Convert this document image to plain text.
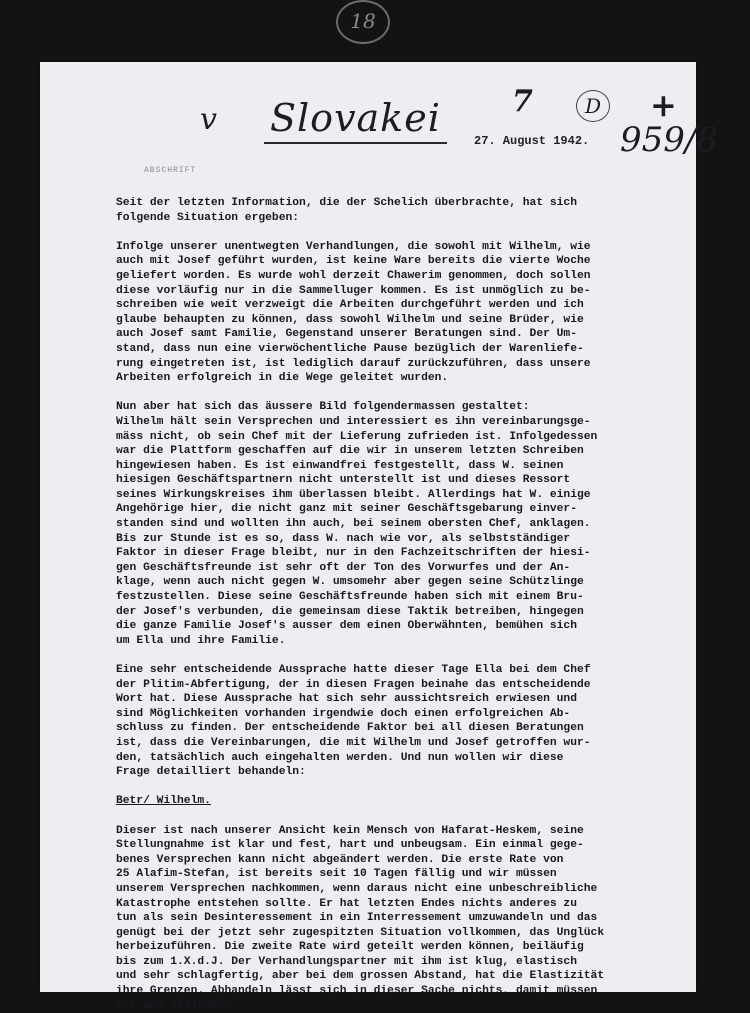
18
v Slovakei 7	D +
27. August 1942. 959/8
ABSCHRIFT
Seit der letzten Information, die der Schelich überbrachte, hat sich
folgende Situation ergeben:
Infolge unserer unentwegten Verhandlungen, die sowohl mit Wilhelm, wie
auch mit Josef geführt wurden, ist keine Ware bereits die vierte Woche
geliefert worden. Es wurde wohl derzeit Chawerim genommen, doch sollen
diese vorläufig nur in die Sammelluger kommen. Es ist unmöglich zu be-
schreiben wie weit verzweigt die Arbeiten durchgeführt werden und ich
glaube behaupten zu können, dass sowohl Wilhelm und seine Brüder, wie
auch Josef samt Familie, Gegenstand unserer Beratungen sind. Der Um-
stand, dass nun eine vierwöchentliche Pause bezüglich der Warenliefe-
rung eingetreten ist, ist lediglich darauf zurückzuführen, dass unsere
Arbeiten erfolgreich in die Wege geleitet wurden.
Nun aber hat sich das äussere Bild folgendermassen gestaltet:
Wilhelm hält sein Versprechen und interessiert es ihn vereinbarungsge-
mäss nicht, ob sein Chef mit der Lieferung zufrieden ist. Infolgedessen
war die Plattform geschaffen auf die wir in unserem letzten Schreiben
hingewiesen haben. Es ist einwandfrei festgestellt, dass W. seinen
hiesigen Geschäftspartnern nicht unterstellt ist und dieses Ressort
seines Wirkungskreises ihm überlassen bleibt. Allerdings hat W. einige
Angehörige hier, die nicht ganz mit seiner Geschäftsgebarung einver-
standen sind und wollten ihn auch, bei seinem obersten Chef, anklagen.
Bis zur Stunde ist es so, dass W. nach wie vor, als selbstständiger
Faktor in dieser Frage bleibt, nur in den Fachzeitschriften der hiesi-
gen Geschäftsfreunde ist sehr oft der Ton des Vorwurfes und der An-
klage, wenn auch nicht gegen W. umsomehr aber gegen seine Schützlinge
festzustellen. Diese seine Geschäftsfreunde haben sich mit einem Bru-
der Josef's verbunden, die gemeinsam diese Taktik betreiben, hingegen
die ganze Familie Josef's ausser dem einen Oberwähnten, bemühen sich
um Ella und ihre Familie.
Eine sehr entscheidende Aussprache hatte dieser Tage Ella bei dem Chef
der Plitim-Abfertigung, der in diesen Fragen beinahe das entscheidende
Wort hat. Diese Aussprache hat sich sehr aussichtsreich erwiesen und
sind Möglichkeiten vorhanden irgendwie doch einen erfolgreichen Ab-
schluss zu finden. Der entscheidende Faktor bei all diesen Beratungen
ist, dass die Vereinbarungen, die mit Wilhelm und Josef getroffen wur-
den, tatsächlich auch eingehalten werden. Und nun wollen wir diese
Frage detailliert behandeln:
Betr/ Wilhelm.
Dieser ist nach unserer Ansicht kein Mensch von Hafarat-Heskem, seine
Stellungnahme ist klar und fest, hart und unbeugsam. Ein einmal gege-
benes Versprechen kann nicht abgeändert werden. Die erste Rate von
25 Alafim-Stefan, ist bereits seit 10 Tagen fällig und wir müssen
unserem Versprechen nachkommen, wenn daraus nicht eine unbeschreibliche
Katastrophe entstehen sollte. Er hat letzten Endes nichts anderes zu
tun als sein Desinteressement in ein Interressement umzuwandeln und das
genügt bei der jetzt sehr zugespitzten Situation vollkommen, das Unglück
herbeizuführen. Die zweite Rate wird geteilt werden können, beiläufig
bis zum 1.X.d.J. Der Verhandlungspartner mit ihm ist klug, elastisch
und sehr schlagfertig, aber bei dem grossen Abstand, hat die Elastizität
ihre Grenzen. Abhandeln lässt sich in dieser Sache nichts, damit müssen
wir uns abfinden.
